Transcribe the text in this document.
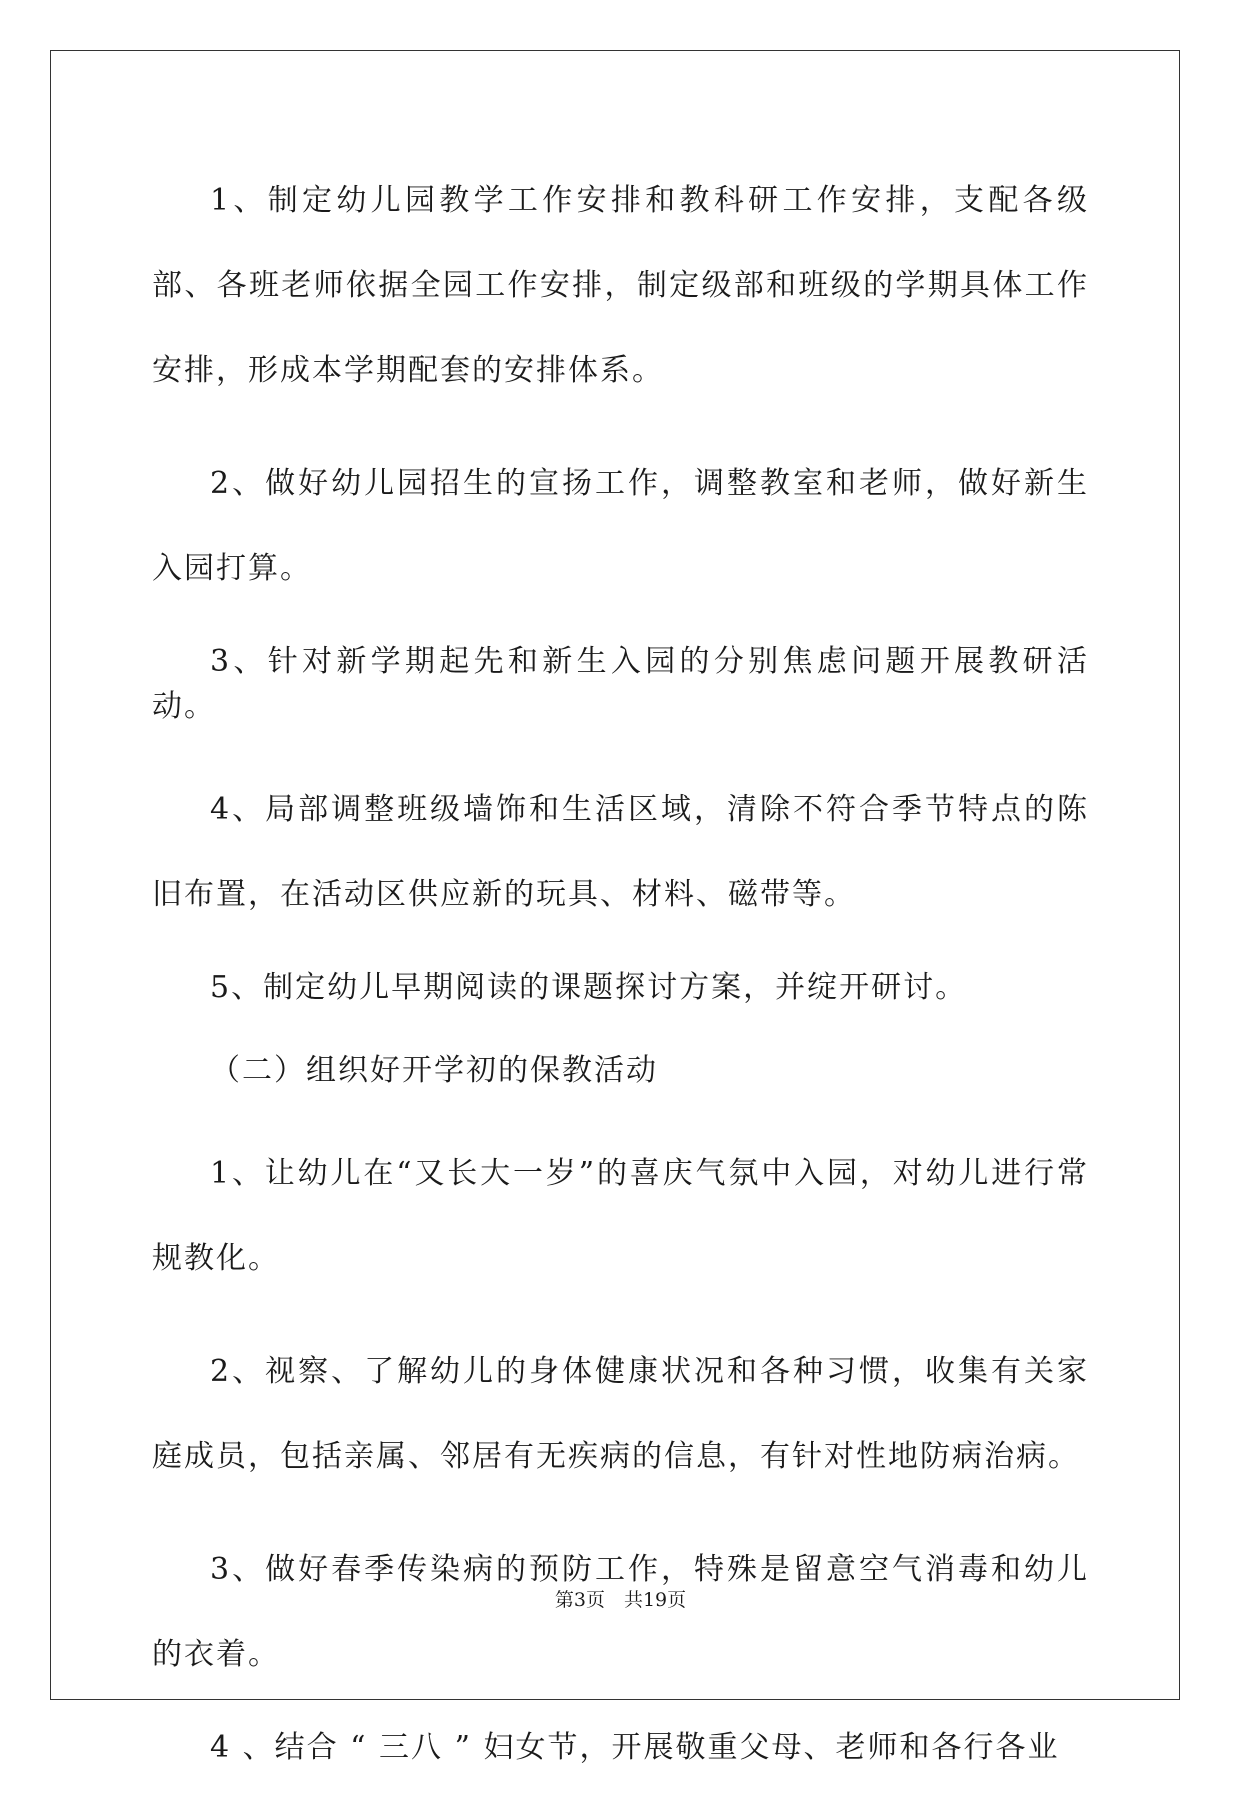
1、制定幼儿园教学工作安排和教科研工作安排，支配各级部、各班老师依据全园工作安排，制定级部和班级的学期具体工作安排，形成本学期配套的安排体系。

2、做好幼儿园招生的宣扬工作，调整教室和老师，做好新生入园打算。

3、针对新学期起先和新生入园的分别焦虑问题开展教研活动。

4、局部调整班级墙饰和生活区域，清除不符合季节特点的陈旧布置，在活动区供应新的玩具、材料、磁带等。

5、制定幼儿早期阅读的课题探讨方案，并绽开研讨。

（二）组织好开学初的保教活动

1、让幼儿在“又长大一岁”的喜庆气氛中入园，对幼儿进行常规教化。

2、视察、了解幼儿的身体健康状况和各种习惯，收集有关家庭成员，包括亲属、邻居有无疾病的信息，有针对性地防病治病。

3、做好春季传染病的预防工作，特殊是留意空气消毒和幼儿的衣着。

4 、结合 “ 三八 ” 妇女节，开展敬重父母、老师和各行各业

第3页　共19页
